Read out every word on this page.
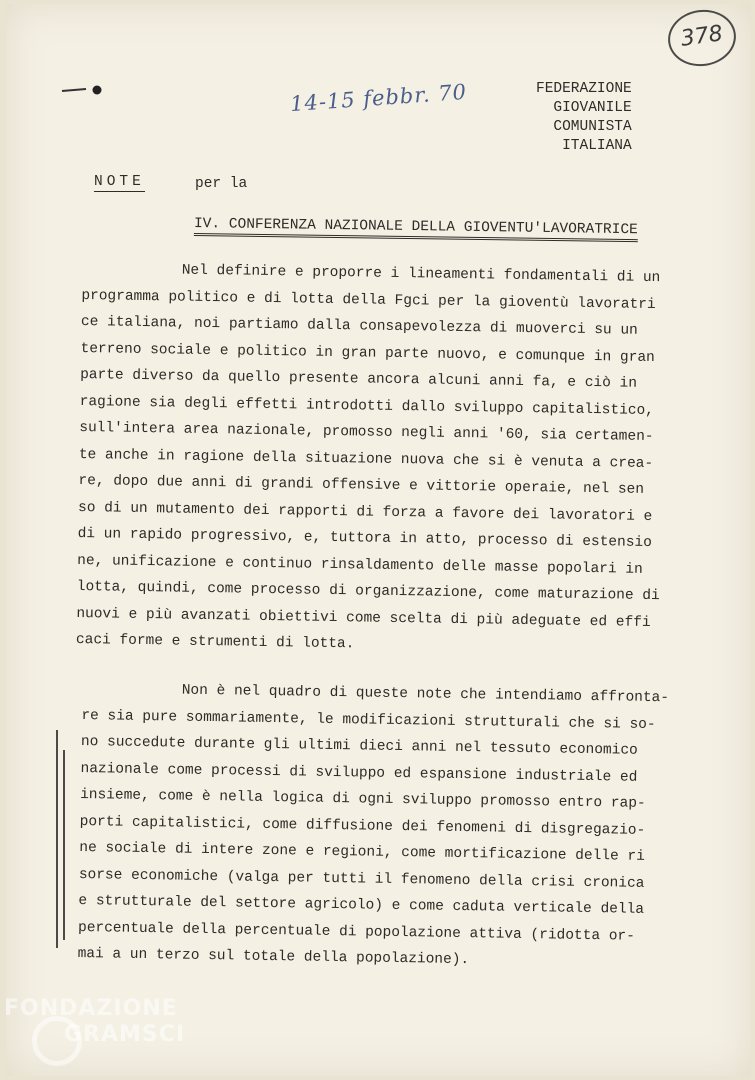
378
14-15 febbr. 70	FEDERAZIONE
GIOVANILE
COMUNISTA
ITALIANA
NOTE	per la
IV. CONFERENZA NAZIONALE DELLA GIOVENTU'LAVORATRICE
Nel definire e proporre i lineamenti fondamentali di un
programma politico e di lotta della Fgci per la gioventù lavoratri
ce italiana, noi partiamo dalla consapevolezza di muoverci su un
terreno sociale e politico in gran parte nuovo, e comunque in gran
parte diverso da quello presente ancora alcuni anni fa, e ciò in
ragione sia degli effetti introdotti dallo sviluppo capitalistico,
sull'intera area nazionale, promosso negli anni '60, sia certamen-
te anche in ragione della situazione nuova che si è venuta a crea-
re, dopo due anni di grandi offensive e vittorie operaie, nel sen
so di un mutamento dei rapporti di forza a favore dei lavoratori e
di un rapido progressivo, e, tuttora in atto, processo di estensio
ne, unificazione e continuo rinsaldamento delle masse popolari in
lotta, quindi, come processo di organizzazione, come maturazione di
nuovi e più avanzati obiettivi come scelta di più adeguate ed effi
caci forme e strumenti di lotta.
Non è nel quadro di queste note che intendiamo affronta-
re sia pure sommariamente, le modificazioni strutturali che si so-
no succedute durante gli ultimi dieci anni nel tessuto economico
nazionale come processi di sviluppo ed espansione industriale ed
insieme, come è nella logica di ogni sviluppo promosso entro rap-
porti capitalistici, come diffusione dei fenomeni di disgregazio-
ne sociale di intere zone e regioni, come mortificazione delle ri
sorse economiche (valga per tutti il fenomeno della crisi cronica
e strutturale del settore agricolo) e come caduta verticale della
percentuale della percentuale di popolazione attiva (ridotta or-
mai a un terzo sul totale della popolazione).
FONDAZIONE
GRAMSCI
